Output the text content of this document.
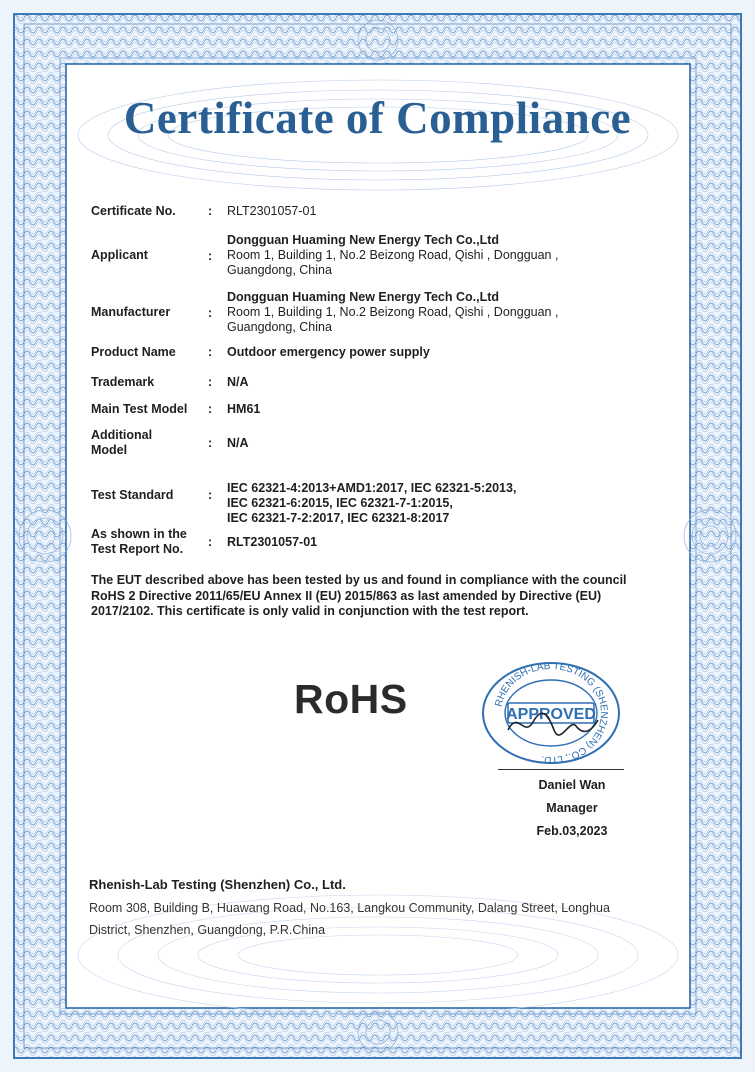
Certificate of Compliance
Certificate No.	: RLT2301057-01
Applicant	:
Dongguan Huaming New Energy Tech Co.,Ltd
Room 1, Building 1, No.2 Beizong Road, Qishi , Dongguan ,
Guangdong, China
Manufacturer	:
Dongguan Huaming New Energy Tech Co.,Ltd
Room 1, Building 1, No.2 Beizong Road, Qishi , Dongguan ,
Guangdong, China
Product Name	: Outdoor emergency power supply
Trademark	: N/A
Main Test Model : HM61
Additional
Model	: N/A
Test Standard	: IEC 62321-4:2013+AMD1:2017, IEC 62321-5:2013,
IEC 62321-6:2015, IEC 62321-7-1:2015,
IEC 62321-7-2:2017, IEC 62321-8:2017
As shown in the
Test Report No. : RLT2301057-01
The EUT described above has been tested by us and found in compliance with the council RoHS 2 Directive 2011/65/EU Annex II (EU) 2015/863 as last amended by Directive (EU) 2017/2102. This certificate is only valid in conjunction with the test report.
RoHS	RHENISH-LAB TESTING (SHENZHEN) CO., LTD.
APPROVED
Daniel Wan
Manager
Feb.03,2023
Rhenish-Lab Testing (Shenzhen) Co., Ltd.
Room 308, Building B, Huawang Road, No.163, Langkou Community, Dalang Street, Longhua
District, Shenzhen, Guangdong, P.R.China
